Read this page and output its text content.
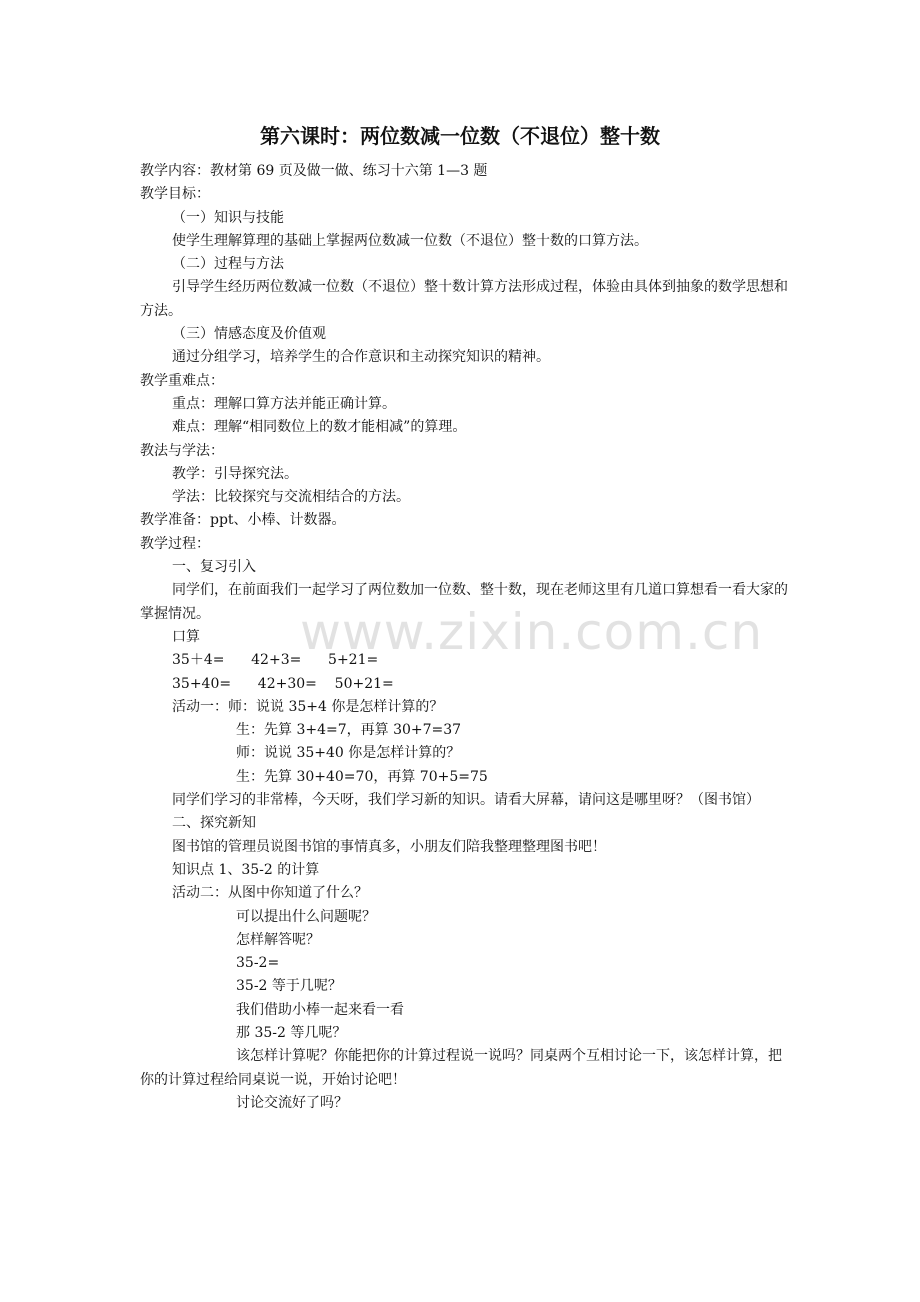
第六课时：两位数减一位数（不退位）整十数

教学内容：教材第 69 页及做一做、练习十六第 1—3 题

教学目标：

（一）知识与技能

使学生理解算理的基础上掌握两位数减一位数（不退位）整十数的口算方法。

（二）过程与方法

引导学生经历两位数减一位数（不退位）整十数计算方法形成过程，体验由具体到抽象的数学思想和方法。

（三）情感态度及价值观

通过分组学习，培养学生的合作意识和主动探究知识的精神。

教学重难点：

重点：理解口算方法并能正确计算。

难点：理解“相同数位上的数才能相减”的算理。

教法与学法：

教学：引导探究法。

学法：比较探究与交流相结合的方法。

教学准备：ppt、小棒、计数器。

教学过程：

一、复习引入

同学们，在前面我们一起学习了两位数加一位数、整十数，现在老师这里有几道口算想看一看大家的掌握情况。

口算

35＋4=      42+3=      5+21=

35+40=      42+30=    50+21=

活动一：师：说说 35+4 你是怎样计算的？

生：先算 3+4=7，再算 30+7=37

师：说说 35+40 你是怎样计算的？

生：先算 30+40=70，再算 70+5=75

同学们学习的非常棒，今天呀，我们学习新的知识。请看大屏幕，请问这是哪里呀？（图书馆）

二、探究新知

图书馆的管理员说图书馆的事情真多，小朋友们陪我整理整理图书吧！

知识点 1、35-2 的计算

活动二：从图中你知道了什么？

可以提出什么问题呢？

怎样解答呢？

35-2=

35-2 等于几呢？

我们借助小棒一起来看一看

那 35-2 等几呢？

该怎样计算呢？你能把你的计算过程说一说吗？同桌两个互相讨论一下，该怎样计算，把你的计算过程给同桌说一说，开始讨论吧！

讨论交流好了吗？

www.zixin.com.cn
